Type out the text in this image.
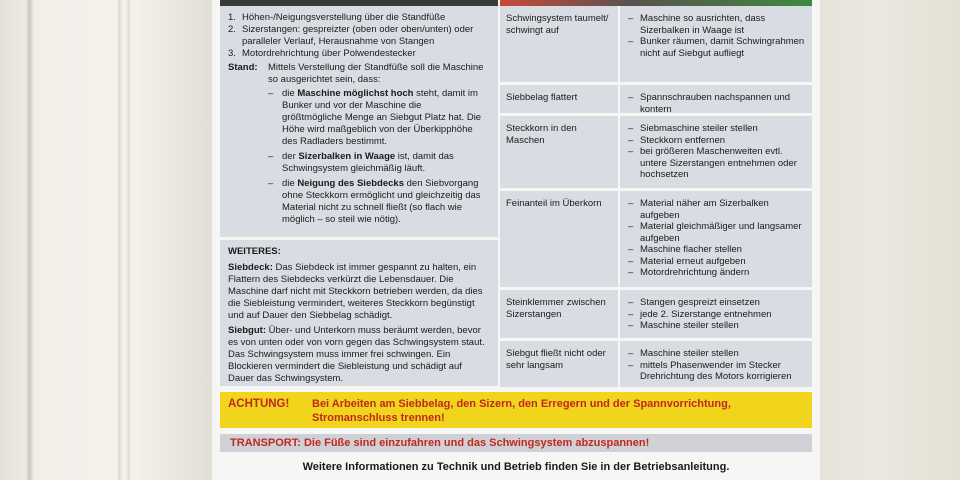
1. Höhen-/Neigungsverstellung über die Standfüße
2. Sizerstangen: gespreizter (oben oder oben/unten) oder paralleler Verlauf, Herausnahme von Stangen
3. Motordrehrichtung über Polwendestecker
Stand:	Mittels Verstellung der Standfüße soll die Maschine so ausgerichtet sein, dass:
– die Maschine möglichst hoch steht, damit im Bunker und vor der Maschine die größtmögliche Menge an Siebgut Platz hat. Die Höhe wird maßgeblich von der Überkipphöhe des Radladers bestimmt.
– der Sizerbalken in Waage ist, damit das Schwingsystem gleichmäßig läuft.
– die Neigung des Siebdecks den Siebvorgang ohne Steckkorn ermöglicht und gleichzeitig das Material nicht zu schnell fließt (so flach wie möglich – so steil wie nötig).
WEITERES:

Siebdeck: Das Siebdeck ist immer gespannt zu halten, ein Flattern des Siebdecks verkürzt die Lebensdauer. Die Maschine darf nicht mit Steckkorn betrieben werden, da dies die Siebleistung vermindert, weiteres Steckkorn begünstigt und auf Dauer den Siebbelag schädigt.

Siebgut: Über- und Unterkorn muss beräumt werden, bevor es von unten oder von vorn gegen das Schwingsystem staut. Das Schwingsystem muss immer frei schwingen. Ein Blockieren vermindert die Siebleistung und schädigt auf Dauer das Schwingsystem.

Schwingsystem taumelt/ schwingt auf
– Maschine so ausrichten, dass Sizerbalken in Waage ist
– Bunker räumen, damit Schwingrahmen nicht auf Siebgut aufliegt
Siebbelag flattert	– Spannschrauben nachspannen und kontern
Steckkorn in den Maschen
– Siebmaschine steiler stellen
– Steckkorn entfernen
– bei größeren Maschenweiten evtl. untere Sizerstangen entnehmen oder hochsetzen
Feinanteil im Überkorn	– Material näher am Sizerbalken aufgeben
– Material gleichmäßiger und langsamer aufgeben
– Maschine flacher stellen
– Material erneut aufgeben
– Motordrehrichtung ändern
Steinklemmer zwischen Sizerstangen
– Stangen gespreizt einsetzen
– jede 2. Sizerstange entnehmen
– Maschine steiler stellen
Siebgut fließt nicht oder sehr langsam
– Maschine steiler stellen
– mittels Phasenwender im Stecker Drehrichtung des Motors korrigieren
ACHTUNG!	Bei Arbeiten am Siebbelag, den Sizern, den Erregern und der Spannvorrichtung, Stromanschluss trennen!
TRANSPORT: Die Füße sind einzufahren und das Schwingsystem abzuspannen!
Weitere Informationen zu Technik und Betrieb finden Sie in der Betriebsanleitung.
